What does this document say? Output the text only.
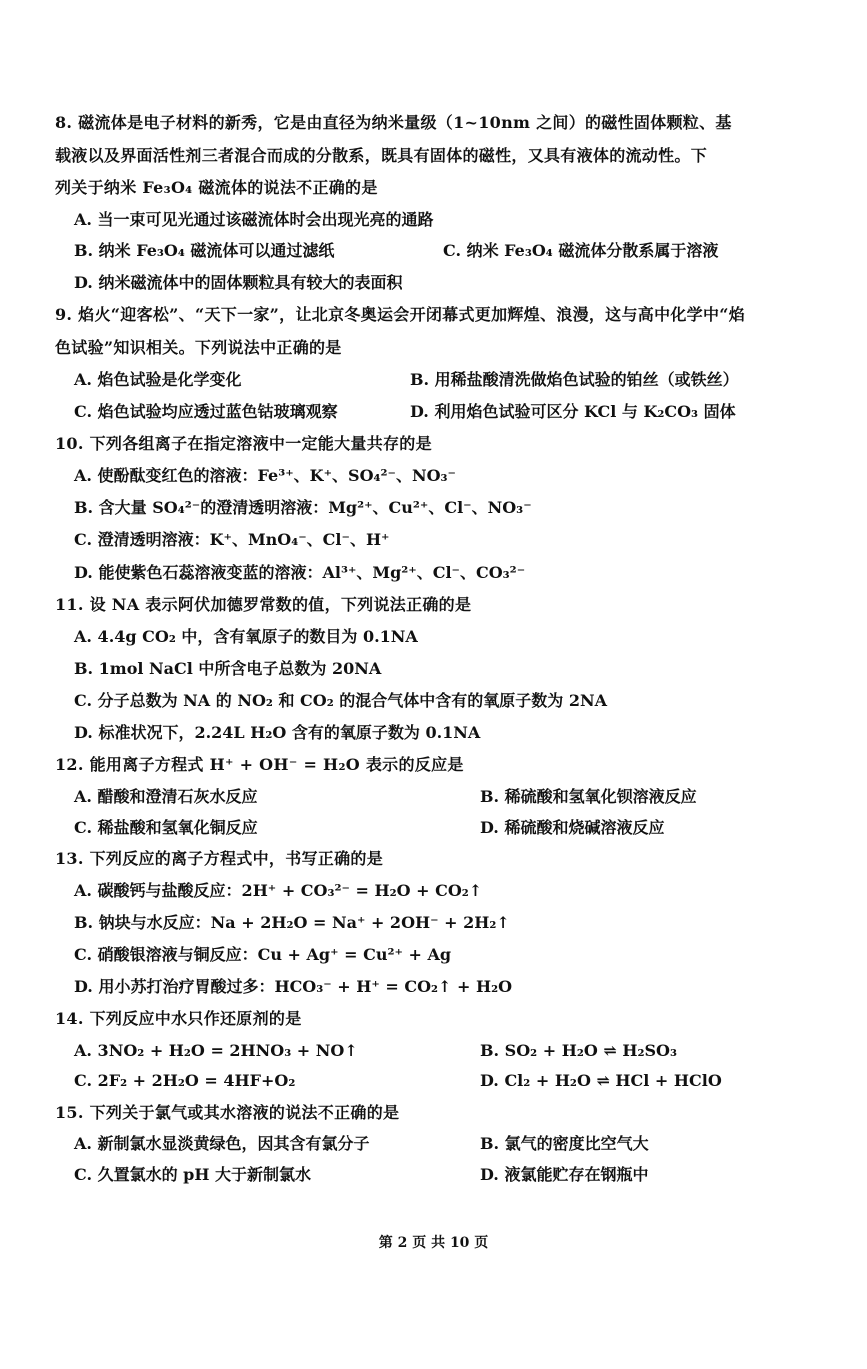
8. 磁流体是电子材料的新秀，它是由直径为纳米量级（1~10nm 之间）的磁性固体颗粒、基
载液以及界面活性剂三者混合而成的分散系，既具有固体的磁性，又具有液体的流动性。下
列关于纳米 Fe₃O₄ 磁流体的说法不正确的是
A. 当一束可见光通过该磁流体时会出现光亮的通路
B. 纳米 Fe₃O₄ 磁流体可以通过滤纸	C. 纳米 Fe₃O₄ 磁流体分散系属于溶液
D. 纳米磁流体中的固体颗粒具有较大的表面积
9. 焰火“迎客松”、“天下一家”，让北京冬奥运会开闭幕式更加辉煌、浪漫，这与高中化学中“焰
色试验”知识相关。下列说法中正确的是
A. 焰色试验是化学变化	B. 用稀盐酸清洗做焰色试验的铂丝（或铁丝）
C. 焰色试验均应透过蓝色钴玻璃观察	D. 利用焰色试验可区分 KCl 与 K₂CO₃ 固体
10. 下列各组离子在指定溶液中一定能大量共存的是
A. 使酚酞变红色的溶液：Fe³⁺、K⁺、SO₄²⁻、NO₃⁻
B. 含大量 SO₄²⁻的澄清透明溶液：Mg²⁺、Cu²⁺、Cl⁻、NO₃⁻
C. 澄清透明溶液：K⁺、MnO₄⁻、Cl⁻、H⁺
D. 能使紫色石蕊溶液变蓝的溶液：Al³⁺、Mg²⁺、Cl⁻、CO₃²⁻
11. 设 NA 表示阿伏加德罗常数的值，下列说法正确的是
A. 4.4g CO₂ 中，含有氧原子的数目为 0.1NA
B. 1mol NaCl 中所含电子总数为 20NA
C. 分子总数为 NA 的 NO₂ 和 CO₂ 的混合气体中含有的氧原子数为 2NA
D. 标准状况下，2.24L H₂O 含有的氧原子数为 0.1NA
12. 能用离子方程式 H⁺ + OH⁻ = H₂O 表示的反应是
A. 醋酸和澄清石灰水反应	B. 稀硫酸和氢氧化钡溶液反应
C. 稀盐酸和氢氧化铜反应	D. 稀硫酸和烧碱溶液反应
13. 下列反应的离子方程式中，书写正确的是
A. 碳酸钙与盐酸反应：2H⁺ + CO₃²⁻ = H₂O + CO₂↑
B. 钠块与水反应：Na + 2H₂O = Na⁺ + 2OH⁻ + 2H₂↑
C. 硝酸银溶液与铜反应：Cu + Ag⁺ = Cu²⁺ + Ag
D. 用小苏打治疗胃酸过多：HCO₃⁻ + H⁺ = CO₂↑ + H₂O
14. 下列反应中水只作还原剂的是
A. 3NO₂ + H₂O = 2HNO₃ + NO↑	B. SO₂ + H₂O ⇌ H₂SO₃
C. 2F₂ + 2H₂O = 4HF+O₂	D. Cl₂ + H₂O ⇌ HCl + HClO
15. 下列关于氯气或其水溶液的说法不正确的是
A. 新制氯水显淡黄绿色，因其含有氯分子	B. 氯气的密度比空气大
C. 久置氯水的 pH 大于新制氯水	D. 液氯能贮存在钢瓶中
第 2 页 共 10 页
